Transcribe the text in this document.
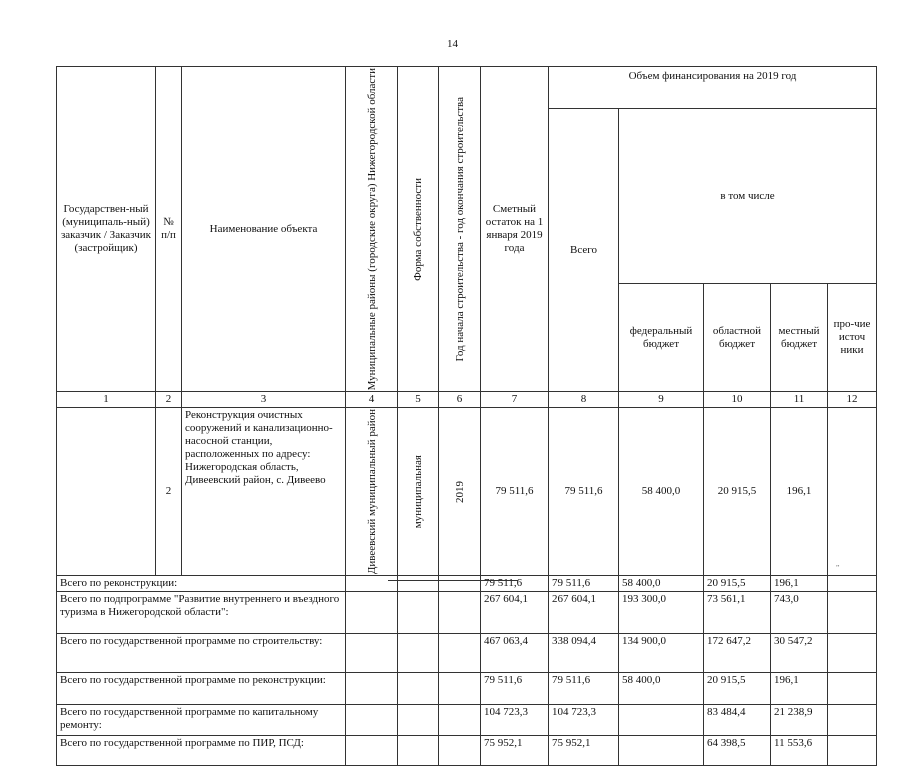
14
Государствен-ный (муниципаль-ный) заказчик / Заказчик (застройщик)	№ п/п	Наименование объекта	Муниципальные районы (городские округа) Нижегородской области	Форма собственности	Год начала строительства - год окончания строительства	Сметный остаток на 1 января 2019 года	Объем финансирования на 2019 год				
							Всего	в том числе			
								федеральный бюджет	областной бюджет	местный бюджет	про-чие источ ники
1	2	3	4	5	6	7	8	9	10	11	12
	2	Реконструкция очистных сооружений и канализационно-насосной станции, расположенных по адресу: Нижегородская область, Дивеевский район, с. Дивеево	Дивеевский муниципальный район	муниципальная	2019	79 511,6	79 511,6	58 400,0	20 915,5	196,1	
Всего по реконструкции:						79 511,6	79 511,6	58 400,0	20 915,5	196,1	
Всего по подпрограмме "Развитие внутреннего и въездного туризма в Нижегородской области":						267 604,1	267 604,1	193 300,0	73 561,1	743,0	
Всего по государственной программе по строительству:						467 063,4	338 094,4	134 900,0	172 647,2	30 547,2	
Всего по государственной программе по реконструкции:						79 511,6	79 511,6	58 400,0	20 915,5	196,1	
Всего по государственной программе по капитальному ремонту:						104 723,3	104 723,3		83 484,4	21 238,9	
Всего по государственной программе по ПИР, ПСД:						75 952,1	75 952,1		64 398,5	11 553,6	
,,
